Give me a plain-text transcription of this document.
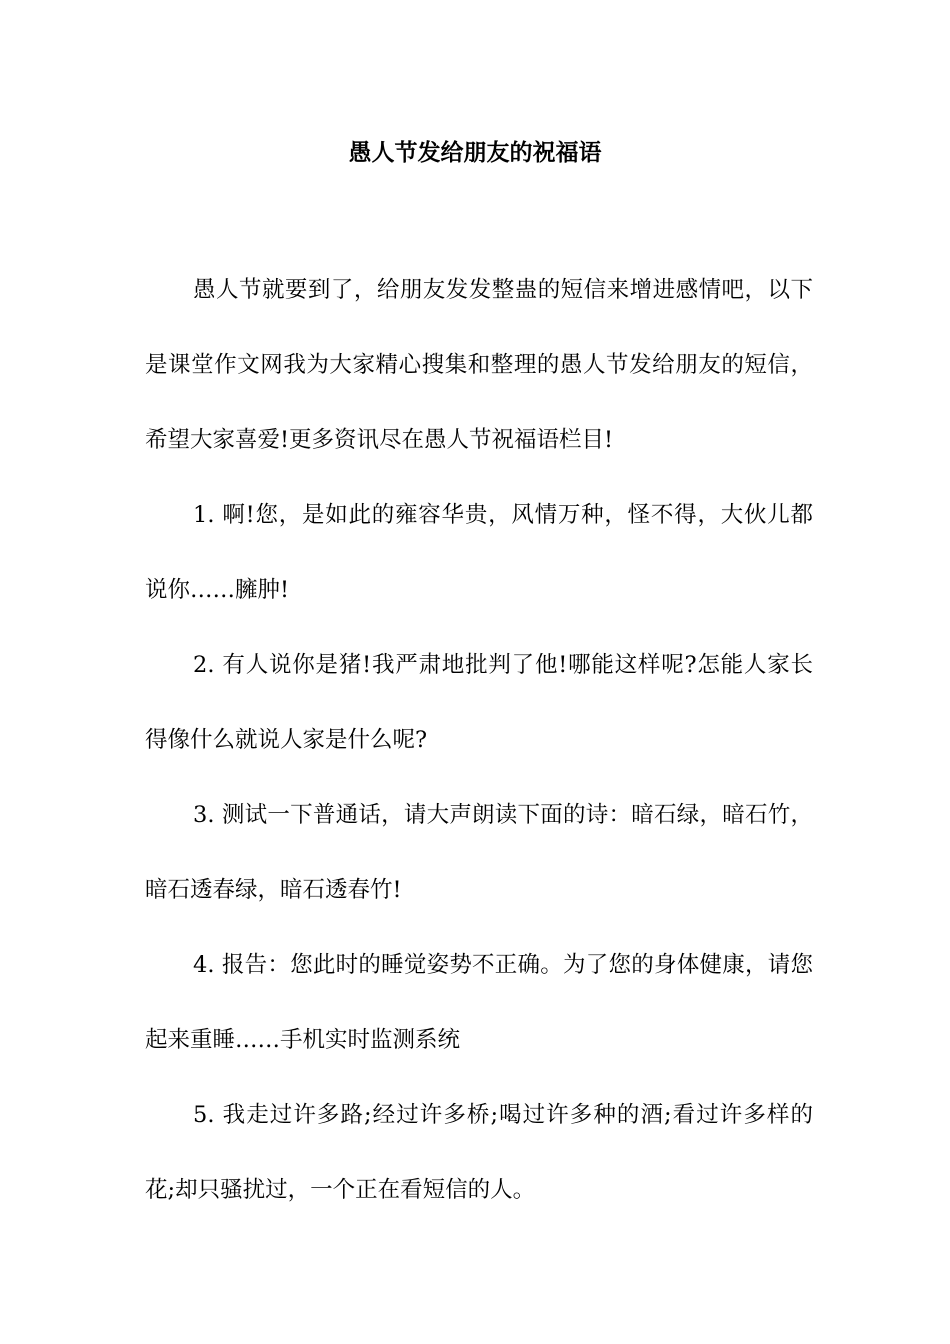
愚人节发给朋友的祝福语

愚人节就要到了，给朋友发发整蛊的短信来增进感情吧，以下是课堂作文网我为大家精心搜集和整理的愚人节发给朋友的短信，希望大家喜爱!更多资讯尽在愚人节祝福语栏目!

1. 啊!您，是如此的雍容华贵，风情万种，怪不得，大伙儿都说你……臃肿!

2. 有人说你是猪!我严肃地批判了他!哪能这样呢?怎能人家长得像什么就说人家是什么呢?

3. 测试一下普通话，请大声朗读下面的诗：暗石绿，暗石竹，暗石透春绿，暗石透春竹!

4. 报告：您此时的睡觉姿势不正确。为了您的身体健康，请您起来重睡……手机实时监测系统

5. 我走过许多路;经过许多桥;喝过许多种的酒;看过许多样的花;却只骚扰过，一个正在看短信的人。
